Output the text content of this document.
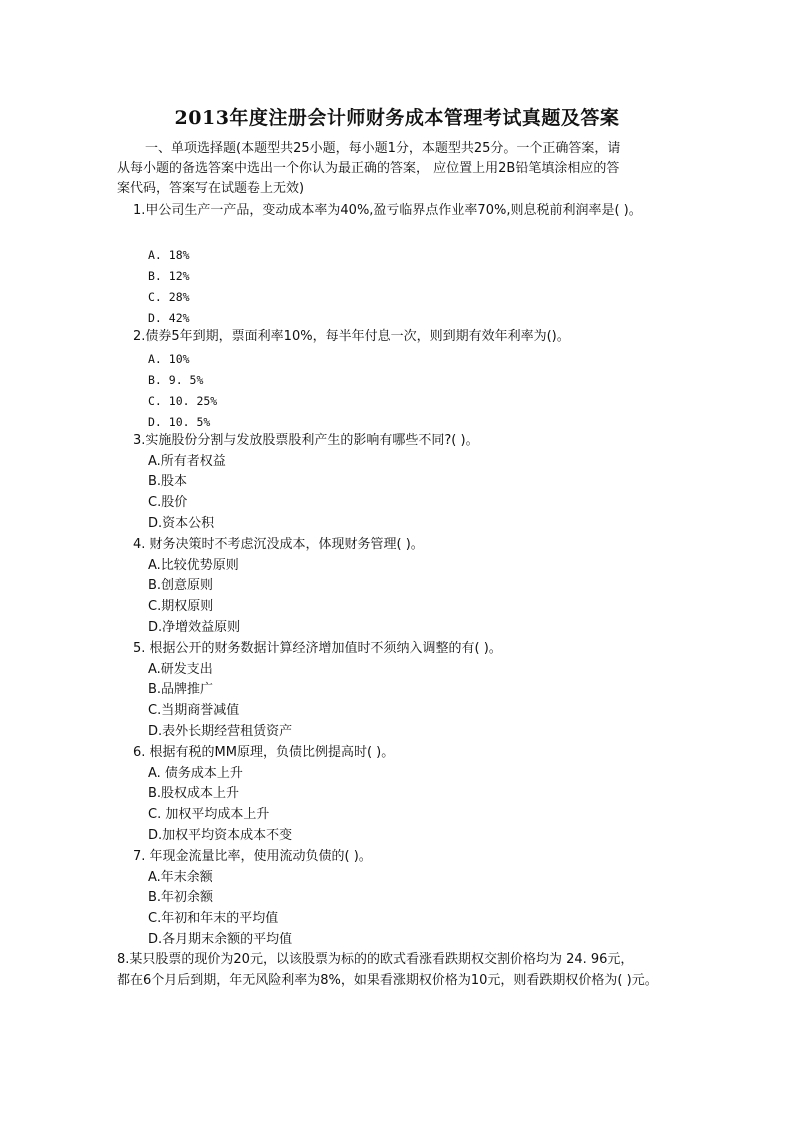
2013年度注册会计师财务成本管理考试真题及答案
一、单项选择题(本题型共25小题，每小题1分，本题型共25分。一个正确答案，请
从每小题的备选答案中选出一个你认为最正确的答案， 应位置上用2B铅笔填涂相应的答
案代码，答案写在试题卷上无效)
1.甲公司生产一产品，变动成本率为40%,盈亏临界点作业率70%,则息税前利润率是( )。
A. 18%
B. 12%
C. 28%
D. 42%
2.债券5年到期，票面利率10%，每半年付息一次，则到期有效年利率为()。
A. 10%
B. 9. 5%
C. 10. 25%
D. 10. 5%
3.实施股份分割与发放股票股利产生的影响有哪些不同?( )。
A.所有者权益
B.股本
C.股价
D.资本公积
4. 财务决策时不考虑沉没成本，体现财务管理( )。
A.比较优势原则
B.创意原则
C.期权原则
D.净增效益原则
5. 根据公开的财务数据计算经济增加值时不须纳入调整的有( )。
A.研发支出
B.品牌推广
C.当期商誉减值
D.表外长期经营租赁资产
6. 根据有税的MM原理，负债比例提高时( )。
A. 债务成本上升
B.股权成本上升
C. 加权平均成本上升
D.加权平均资本成本不变
7. 年现金流量比率，使用流动负债的( )。
A.年末余额
B.年初余额
C.年初和年末的平均值
D.各月期末余额的平均值
8.某只股票的现价为20元，以该股票为标的的欧式看涨看跌期权交割价格均为 24. 96元，
都在6个月后到期，年无风险利率为8%，如果看涨期权价格为10元，则看跌期权价格为( )元。
